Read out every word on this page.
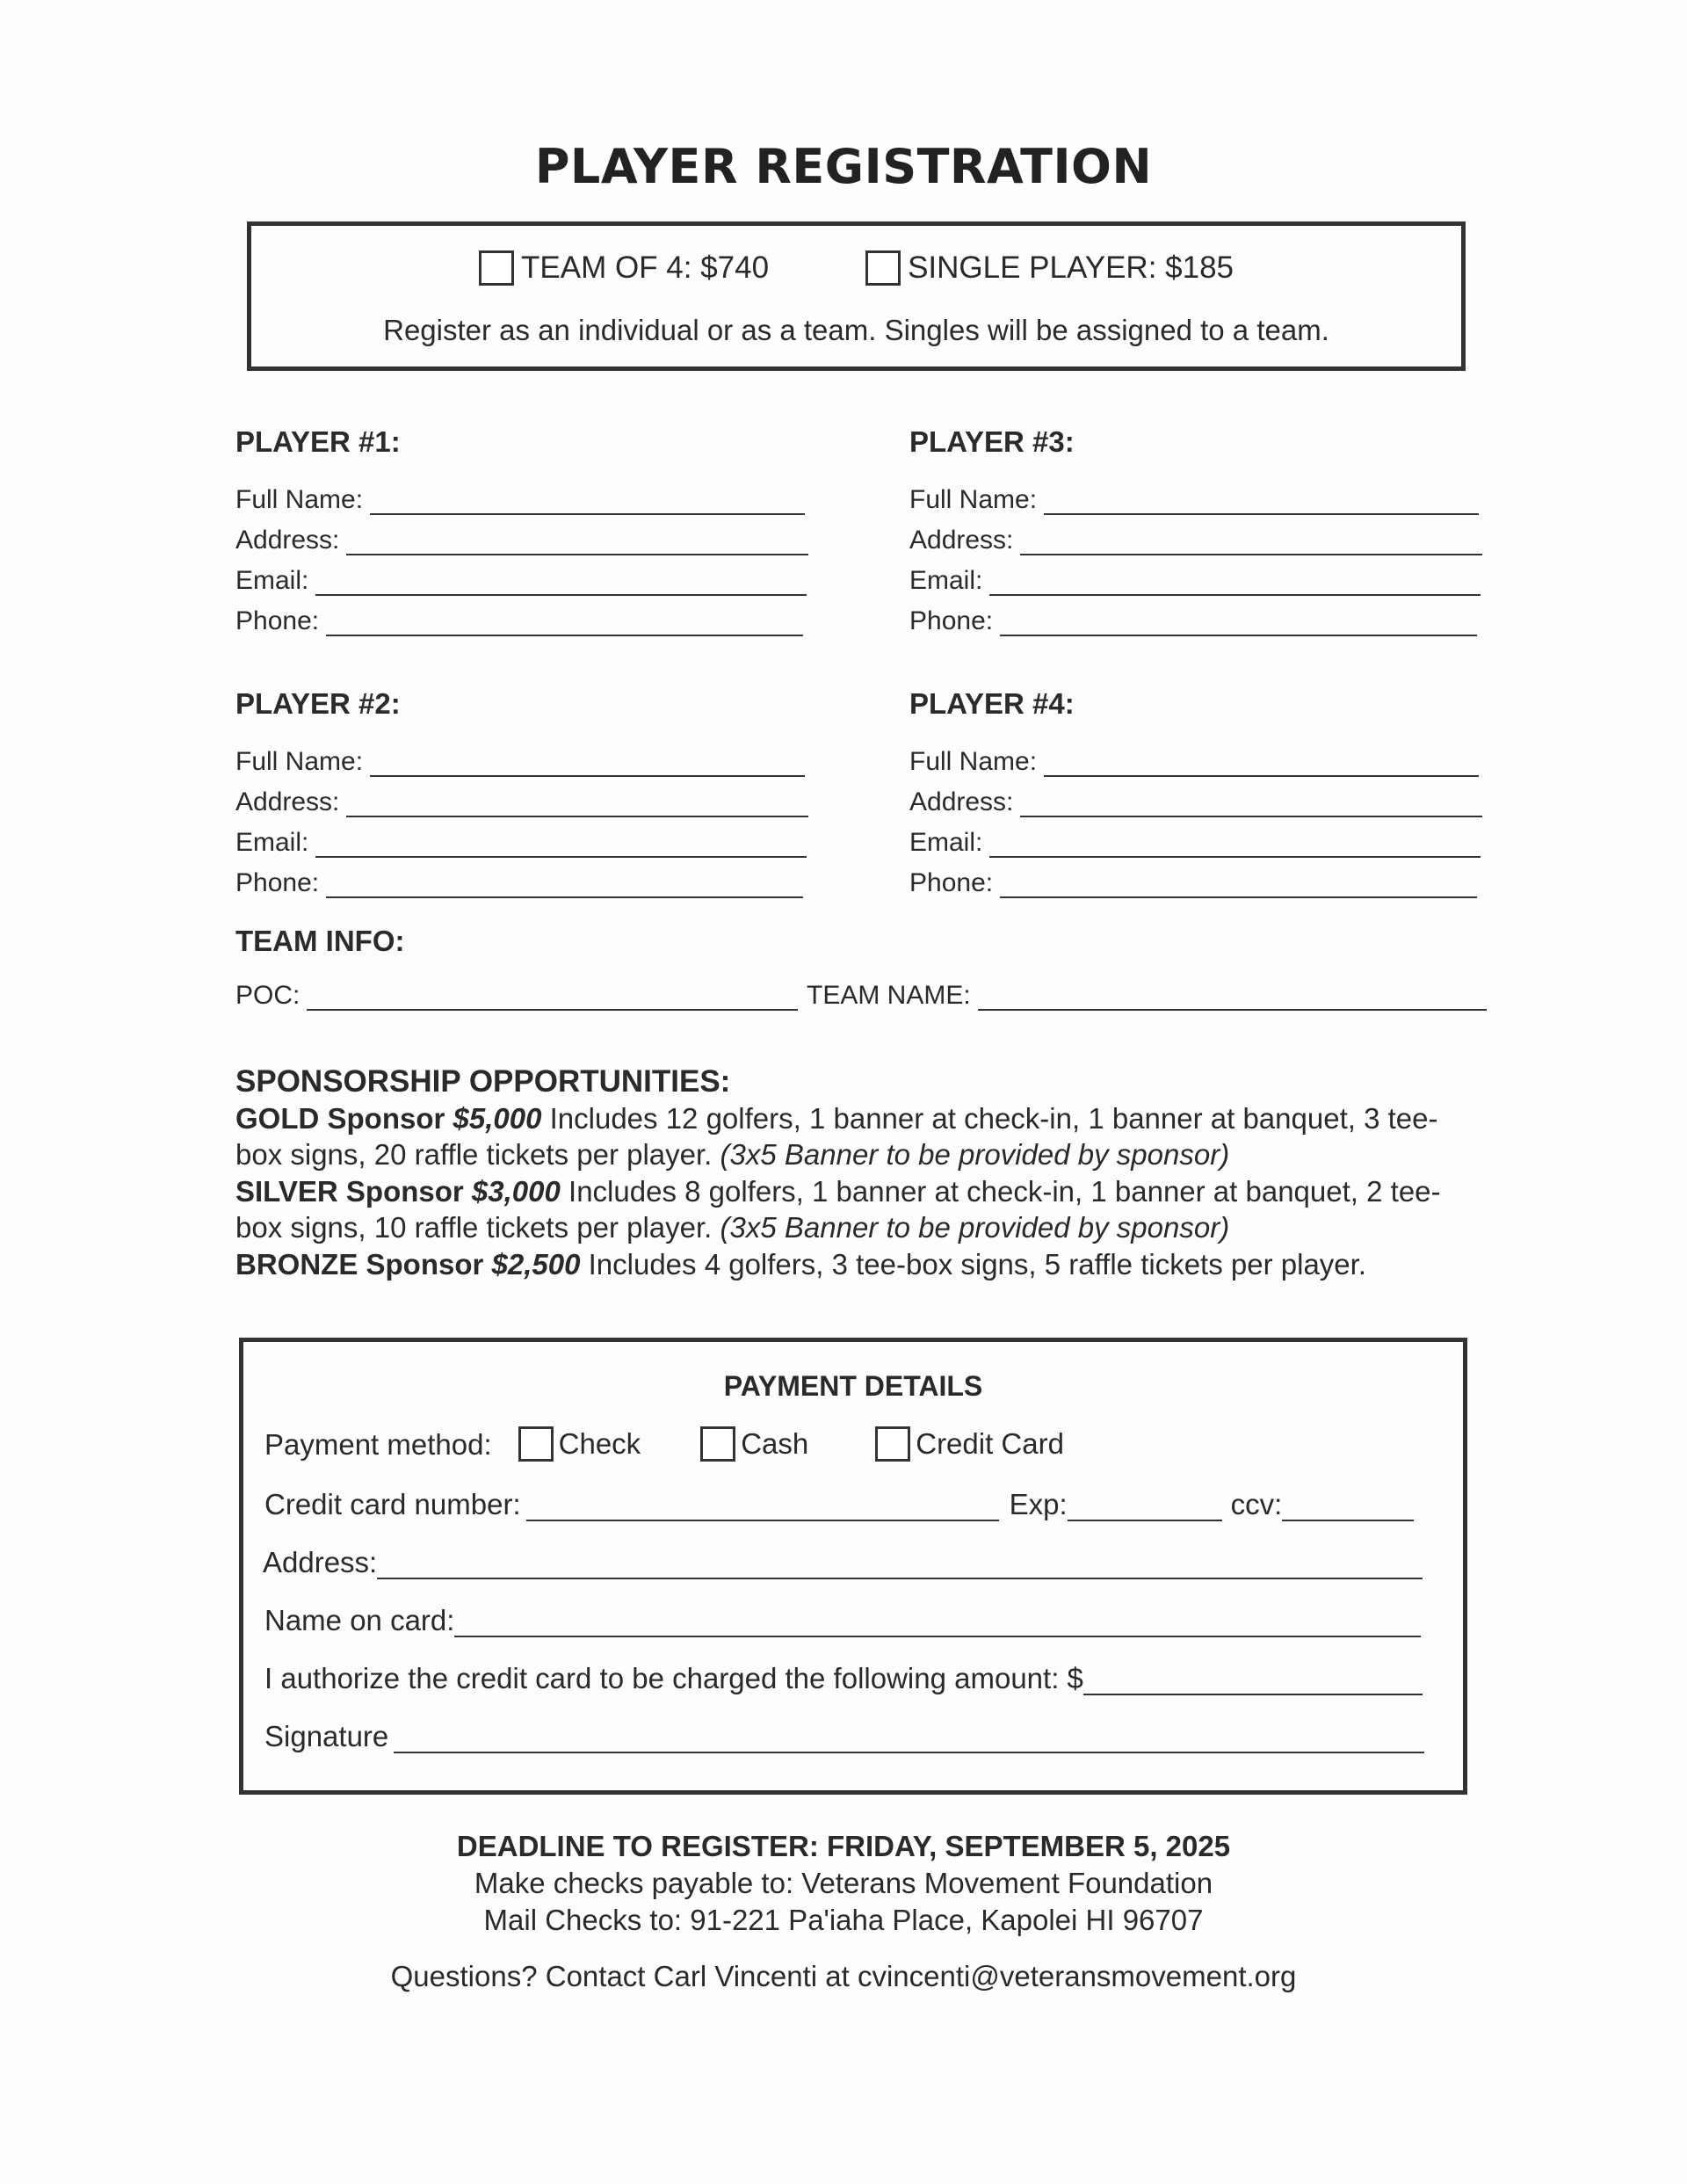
PLAYER REGISTRATION
TEAM OF 4: $740	SINGLE PLAYER: $185
Register as an individual or as a team. Singles will be assigned to a team.
PLAYER #1:
Full Name:
Address:
Email:
Phone:
PLAYER #3:
Full Name:
Address:
Email:
Phone:
PLAYER #2:
Full Name:
Address:
Email:
Phone:
PLAYER #4:
Full Name:
Address:
Email:
Phone:
TEAM INFO:
POC:	TEAM NAME:
SPONSORSHIP OPPORTUNITIES:
GOLD Sponsor $5,000 Includes 12 golfers, 1 banner at check-in, 1 banner at banquet, 3 tee-box signs, 20 raffle tickets per player. (3x5 Banner to be provided by sponsor)
SILVER Sponsor $3,000 Includes 8 golfers, 1 banner at check-in, 1 banner at banquet, 2 tee-box signs, 10 raffle tickets per player. (3x5 Banner to be provided by sponsor)
BRONZE Sponsor $2,500 Includes 4 golfers, 3 tee-box signs, 5 raffle tickets per player.
PAYMENT DETAILS
Payment method: Check	Cash	Credit Card
Credit card number:	Exp:	ccv:
Address:
Name on card:
I authorize the credit card to be charged the following amount: $
Signature
DEADLINE TO REGISTER: FRIDAY, SEPTEMBER 5, 2025
Make checks payable to: Veterans Movement Foundation
Mail Checks to: 91-221 Pa'iaha Place, Kapolei HI 96707
Questions? Contact Carl Vincenti at cvincenti@veteransmovement.org
